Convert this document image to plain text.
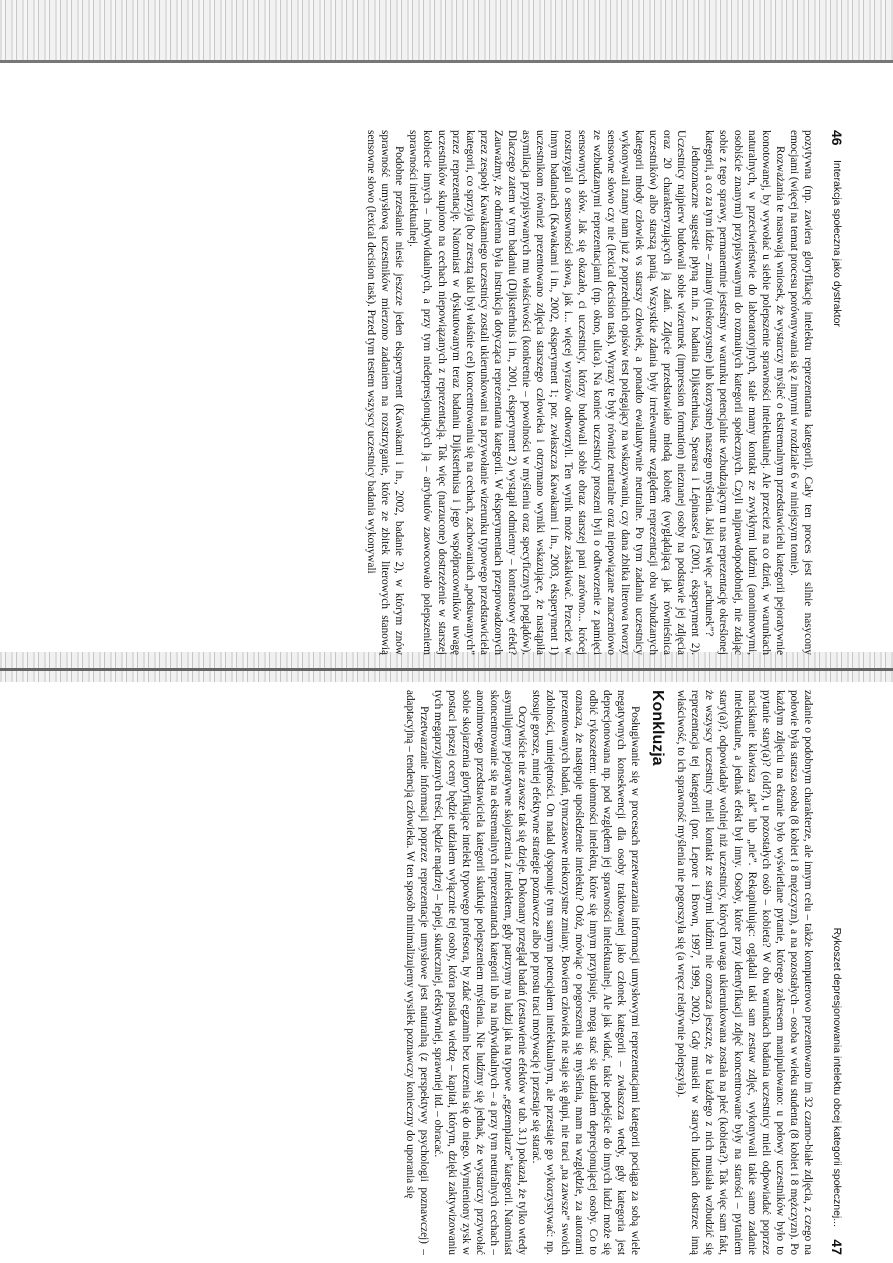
46
Interakcja społeczna jako dystraktor

pozytywna (np. zawiera gloryfikację intelektu reprezentanta kategorii). Cały ten proces jest silnie nasycony emocjami (więcej na temat procesu porównywania się z innymi w rozdziale 6 w niniejszym tomie).

Rozważania te nasuwają wniosek, że wystarczy myśleć o ekstremalnym przedstawicielu kategorii pejoratywnie konotowanej, by wywołać u siebie polepszenie sprawności intelektualnej. Ale przecież na co dzień, w warunkach naturalnych, w przeciwieństwie do laboratoryjnych, stale mamy kontakt ze zwykłymi ludźmi (anonimowymi, osobiście znanymi) przypisywanymi do rozmaitych kategorii społecznych. Czyli najprawdopodobniej, nie zdając sobie z tego sprawy, permanentnie jesteśmy w warunku potencjalnie wzbudzającym u nas reprezentację określonej kategorii, a co za tym idzie – zmiany (niekorzystne) lub korzystne) naszego myślenia. Jaki jest więc „rachunek”?

Jednoznaczne sugestie płyną m.in. z badania Dijksterhuisa, Spearsa i Lépinasse'a (2001, eksperyment 2). Uczestnicy najpierw budowali sobie wizerunek (impression formation) nieznanej osoby na podstawie jej zdjęcia oraz 20 charakteryzujących ją zdań. Zdjęcie przedstawiało młodą kobietę (wyglądającą jak równieśnica uczestników) albo starszą panią. Wszystkie zdania były irrelewantne względem reprezentacji obu wzbudzanych kategorii młody człowiek vs starszy człowiek, a ponadto ewaluatywnie neutralne. Po tym zadaniu uczestnicy wykonywali znany nam już z poprzednich opisów test polegający na wskazywaniu, czy dana zbitka literowa tworzy sensowne słowo czy nie (lexical decision task). Wyrazy te były również neutralne oraz niepowiązane znaczeniowo ze wzbudzanymi reprezentacjami (np. okno, ulica). Na koniec uczestnicy proszeni byli o odtworzenie z pamięci sensownych słów. Jak się okazało, ci uczestnicy, którzy budowali sobie obraz starszej pani zarówno... krócej rozstrzygali o sensowności słowa, jak i... więcej wyrazów odtworzyli. Ten wynik może zaskakiwać. Przecież w innym badaniach (Kawakami i in., 2002, eksperyment 1; por. zwłaszcza Kawakami i in., 2003, eksperyment 1) uczestnikom również prezentowano zdjęcia starszego człowieka i otrzymano wyniki wskazujące, że nastąpiła asymilacja przypisywanych mu właściwości (konkretnie – powolności w myśleniu oraz specyficznych poglądów). Dlaczego zatem w tym badaniu (Dijksterhuis i in., 2001, eksperyment 2) wystąpił odmienny – kontrastowy efekt? Zauważmy, że odmienna była instrukcja dotycząca reprezentanta kategorii. W eksperymentach przeprowadzonych przez zespoły Kawakamiego uczestnicy zostali ukierunkowani na przywołanie wizerunku typowego przedstawiciela kategorii, co sprzyja (bo zresztą taki był właśnie cel) koncentrowaniu się na cechach, zachowaniach „podsuwanych” przez reprezentację. Natomiast w dyskutowanym teraz badaniu Dijksterhuisa i jego współpracowników uwagę uczestników skupiono na cechach niepowiązanych z reprezentacją. Tak więc (narzucone) dostrzeżenie w starszej kobiecie innych – indywidualnych, a przy tym niedepresjonujących ją – atrybutów zaowocowało polepszeniem sprawności intelektualnej.

Podobne przesłanie niesie jeszcze jeden eksperyment (Kawakami i in., 2002, badanie 2), w którym znów sprawność umysłową uczestników mierzono zadaniem na rozstrzyganie, które ze zbitek literowych stanowią sensowne słowo (lexical decision task). Przed tym testem wszyscy uczestnicy badania wykonywali

Rykoszet depresjonowania intelektu obcej kategorii społecznej...
47

zadanie o podobnym charakterze, ale innym celu – także komputerowo prezentowano im 32 czarno-białe zdjęcia, z czego na połowie była starsza osoba (8 kobiet i 8 mężczyzn), a na pozostałych – osoba w wieku studenta (8 kobiet i 8 mężczyzn). Po każdym zdjęciu na ekranie było wyświetlane pytanie, którego zakresem manipulowano: u połowy uczestników było to pytanie stary(a)? (old?), u pozostałych osób – kobieta? W obu warunkach badania uczestnicy mieli odpowiadać poprzez naciskanie klawisza „tak” lub „nie”. Rekapitulując: oglądali taki sam zestaw zdjęć, wykonywali takie samo zadanie intelektualne, a jednak efekt był inny. Osoby, które przy identyfikacji zdjęć koncentrowane były na starości – pytaniem stary(a)?, odpowiadały wolniej niż uczestnicy, których uwaga ukierunkowana została na płeć (kobieta?). Tak więc sam fakt, że wszyscy uczestnicy mieli kontakt ze starymi ludźmi nie oznacza jeszcze, że u każdego z nich musiała wzbudzić się reprezentacja tej kategorii (por. Lepore i Brown, 1997, 1999, 2002). Gdy musieli w starych ludziach dostrzec inną właściwość, to ich sprawność myślenia nie pogorszyła się (a wręcz relatywnie polepszyła).

Konkluzja

Posługiwanie się w procesach przetwarzania informacji umysłowymi reprezentacjami kategorii pociąga za sobą wiele negatywnych konsekwencji dla osoby traktowanej jako członek kategorii – zwłaszcza wtedy, gdy kategoria jest deprecjonowana np. pod względem jej sprawności intelektualnej. Ale jak widać, takie podejście do innych ludzi może się odbić rykoszetem: ułomności intelektu, które się innym przypisuje, mogą stać się udziałem deprecjonującej osoby. Co to oznacza, że następuje upośledzenie intelektu? Otóż, mówiąc o pogorszeniu się myślenia, mam na względzie, za autorami prezentowanych badań, tymczasowe niekorzystne zmiany. Bowiem człowiek nie staje się głupi, nie traci „na zawsze” swoich zdolności, umiejętności. On nadal dysponuje tym samym potencjałem intelektualnym, ale przestaje go wykorzystywać: np. stosuje gorsze, mniej efektywne strategie poznawcze albo po prostu traci motywację i przestaje się starać.

Oczywiście nie zawsze tak się dzieje. Dokonany przegląd badań (zestawienie efektów w tab. 3.1) pokazał, że tylko wtedy asymilujemy pejoratywne skojarzenia z intelektem, gdy patrzymy na ludzi jak na typowe „egzemplarze” kategorii. Natomiast skoncentrowanie się na ekstremalnych reprezentantach kategorii lub na indywidualnych – a przy tym neutralnych cechach – anonimowego przedstawiciela kategorii skutkuje polepszeniem myślenia. Nie ludźmy się jednak, że wystarczy przywołać sobie skojarzenia gloryfikujące intelekt typowego profesora, by zdać egzamin bez uczenia się do niego. Wymieniony zysk w postaci lepszej oceny będzie udziałem wyłącznie tej osoby, która posiada wiedzę – kapitał, którym, dzięki zaktywizowaniu tych megaprzyjaznych treści, będzie mądrzej – lepiej, skuteczniej, efektywniej, sprawniej itd. – obracać.

Przetwarzanie informacji poprzez reprezentacje umysłowe jest naturalną (z perspektywy psychologii poznawczej) – adaptacyjną – tendencją człowieka. W ten sposób minimalizujemy wysiłek poznawczy konieczny do uporania się
